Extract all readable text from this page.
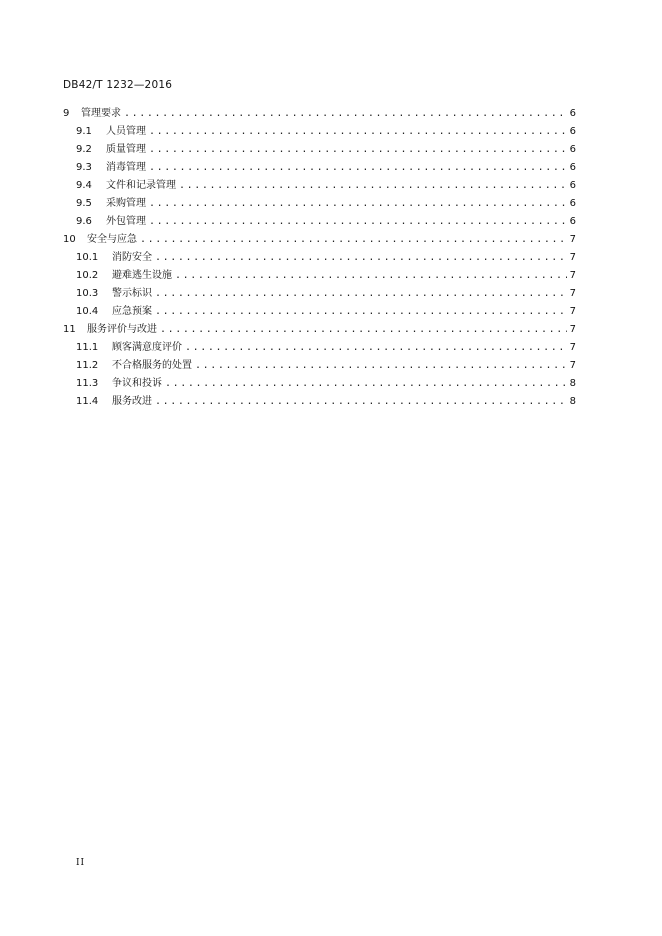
DB42/T 1232—2016
9	管理要求 .....	6
9.1	人员管理 .....	6
9.2	质量管理 .....	6
9.3	消毒管理 .....	6
9.4	文件和记录管理 .....	6
9.5	采购管理 .....	6
9.6	外包管理 .....	6
10	安全与应急 .....	7
10.1	消防安全 .....	7
10.2	避难逃生设施 .....	7
10.3	警示标识 .....	7
10.4	应急预案 .....	7
11	服务评价与改进 .....	7
11.1	顾客满意度评价 .....	7
11.2	不合格服务的处置 .....	7
11.3	争议和投诉 .....	8
11.4	服务改进 .....	8
II
